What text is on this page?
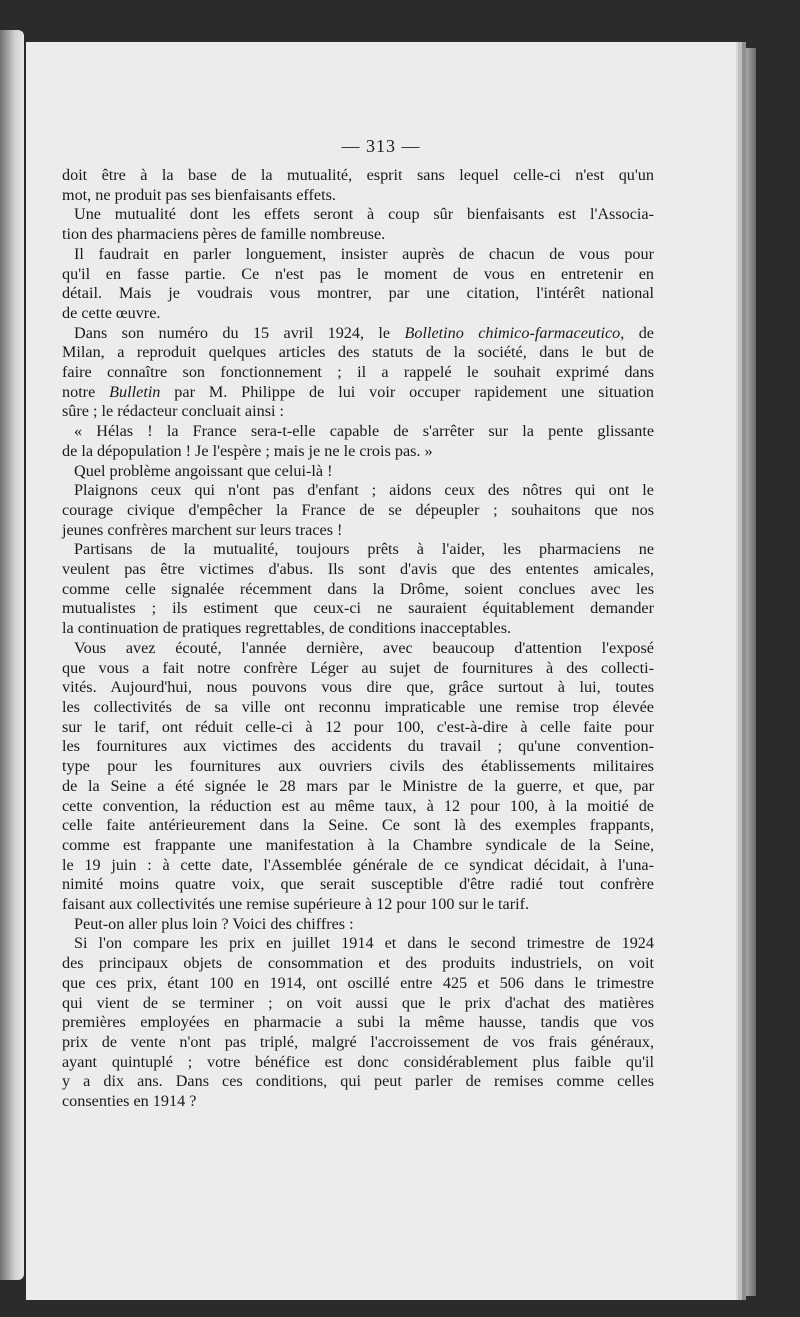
— 313 —
doit être à la base de la mutualité, esprit sans lequel celle-ci n'est qu'un
mot, ne produit pas ses bienfaisants effets.
Une mutualité dont les effets seront à coup sûr bienfaisants est l'Associa-
tion des pharmaciens pères de famille nombreuse.
Il faudrait en parler longuement, insister auprès de chacun de vous pour
qu'il en fasse partie. Ce n'est pas le moment de vous en entretenir en
détail. Mais je voudrais vous montrer, par une citation, l'intérêt national
de cette œuvre.
Dans son numéro du 15 avril 1924, le Bolletino chimico-farmaceutico, de
Milan, a reproduit quelques articles des statuts de la société, dans le but de
faire connaître son fonctionnement ; il a rappelé le souhait exprimé dans
notre Bulletin par M. Philippe de lui voir occuper rapidement une situation
sûre ; le rédacteur concluait ainsi :
« Hélas ! la France sera-t-elle capable de s'arrêter sur la pente glissante
de la dépopulation ! Je l'espère ; mais je ne le crois pas. »
Quel problème angoissant que celui-là !
Plaignons ceux qui n'ont pas d'enfant ; aidons ceux des nôtres qui ont le
courage civique d'empêcher la France de se dépeupler ; souhaitons que nos
jeunes confrères marchent sur leurs traces !
Partisans de la mutualité, toujours prêts à l'aider, les pharmaciens ne
veulent pas être victimes d'abus. Ils sont d'avis que des ententes amicales,
comme celle signalée récemment dans la Drôme, soient conclues avec les
mutualistes ; ils estiment que ceux-ci ne sauraient équitablement demander
la continuation de pratiques regrettables, de conditions inacceptables.
Vous avez écouté, l'année dernière, avec beaucoup d'attention l'exposé
que vous a fait notre confrère Léger au sujet de fournitures à des collecti-
vités. Aujourd'hui, nous pouvons vous dire que, grâce surtout à lui, toutes
les collectivités de sa ville ont reconnu impraticable une remise trop élevée
sur le tarif, ont réduit celle-ci à 12 pour 100, c'est-à-dire à celle faite pour
les fournitures aux victimes des accidents du travail ; qu'une convention-
type pour les fournitures aux ouvriers civils des établissements militaires
de la Seine a été signée le 28 mars par le Ministre de la guerre, et que, par
cette convention, la réduction est au même taux, à 12 pour 100, à la moitié de
celle faite antérieurement dans la Seine. Ce sont là des exemples frappants,
comme est frappante une manifestation à la Chambre syndicale de la Seine,
le 19 juin : à cette date, l'Assemblée générale de ce syndicat décidait, à l'una-
nimité moins quatre voix, que serait susceptible d'être radié tout confrère
faisant aux collectivités une remise supérieure à 12 pour 100 sur le tarif.
Peut-on aller plus loin ? Voici des chiffres :
Si l'on compare les prix en juillet 1914 et dans le second trimestre de 1924
des principaux objets de consommation et des produits industriels, on voit
que ces prix, étant 100 en 1914, ont oscillé entre 425 et 506 dans le trimestre
qui vient de se terminer ; on voit aussi que le prix d'achat des matières
premières employées en pharmacie a subi la même hausse, tandis que vos
prix de vente n'ont pas triplé, malgré l'accroissement de vos frais généraux,
ayant quintuplé ; votre bénéfice est donc considérablement plus faible qu'il
y a dix ans. Dans ces conditions, qui peut parler de remises comme celles
consenties en 1914 ?
